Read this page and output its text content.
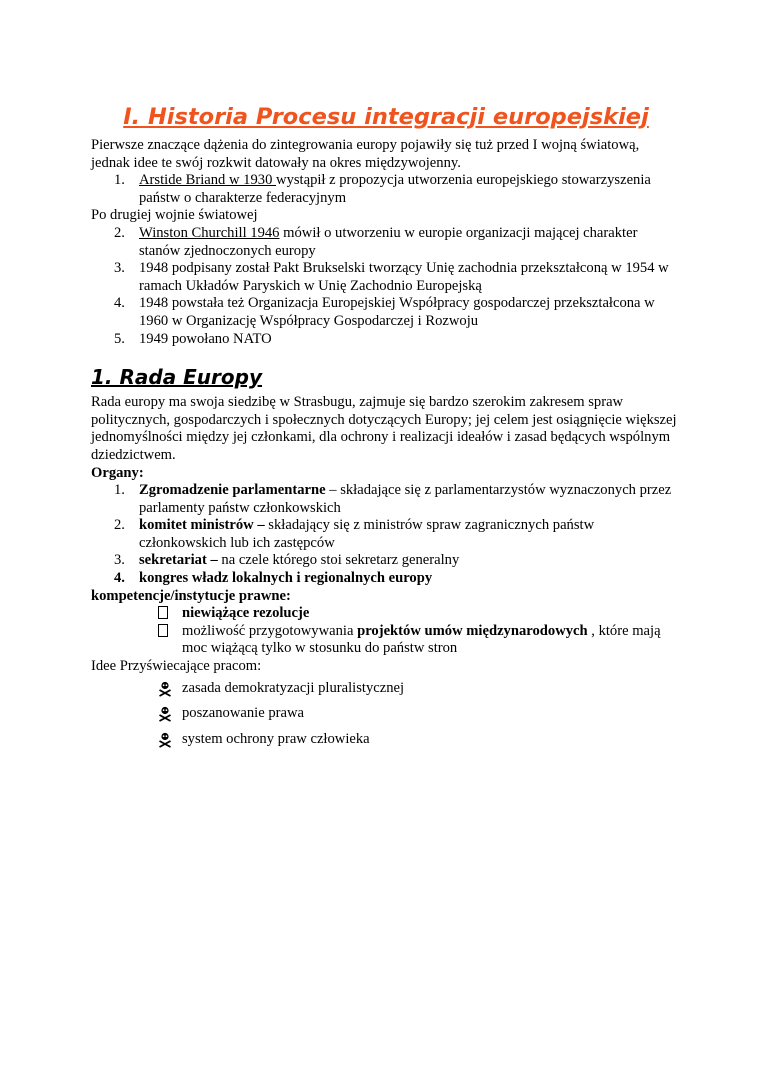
I. Historia Procesu integracji europejskiej

Pierwsze znaczące dążenia do zintegrowania europy pojawiły się tuż przed I wojną światową, jednak idee te swój rozkwit datowały na okres międzywojenny.

1. Arstide Briand w 1930 wystąpił z propozycja utworzenia europejskiego stowarzyszenia państw o charakterze federacyjnym

Po drugiej wojnie światowej

2. Winston Churchill 1946 mówił o utworzeniu w europie organizacji mającej charakter stanów zjednoczonych europy
3. 1948 podpisany został Pakt Brukselski tworzący Unię zachodnia przekształconą w 1954 w ramach Układów Paryskich w Unię Zachodnio Europejską
4. 1948 powstała też Organizacja Europejskiej Współpracy gospodarczej przekształcona w 1960 w Organizację Współpracy Gospodarczej i Rozwoju
5. 1949 powołano NATO
1. Rada Europy

Rada europy ma swoja siedzibę w Strasbugu, zajmuje się bardzo szerokim zakresem spraw politycznych, gospodarczych i społecznych dotyczących Europy; jej celem jest osiągnięcie większej jednomyślności między jej członkami, dla ochrony i realizacji ideałów i zasad będących wspólnym dziedzictwem.

Organy:

1. Zgromadzenie parlamentarne – składające się z parlamentarzystów wyznaczonych przez parlamenty państw członkowskich
2. komitet ministrów – składający się z ministrów spraw zagranicznych państw członkowskich lub ich zastępców
3. sekretariat – na czele którego stoi sekretarz generalny
4. kongres władz lokalnych i regionalnych europy

kompetencje/instytucje prawne:

niewiążące rezolucje
możliwość przygotowywania projektów umów międzynarodowych , które mają moc wiążącą tylko w stosunku do państw stron

Idee Przyświecające pracom:

zasada demokratyzacji pluralistycznej
poszanowanie prawa
system ochrony praw człowieka
